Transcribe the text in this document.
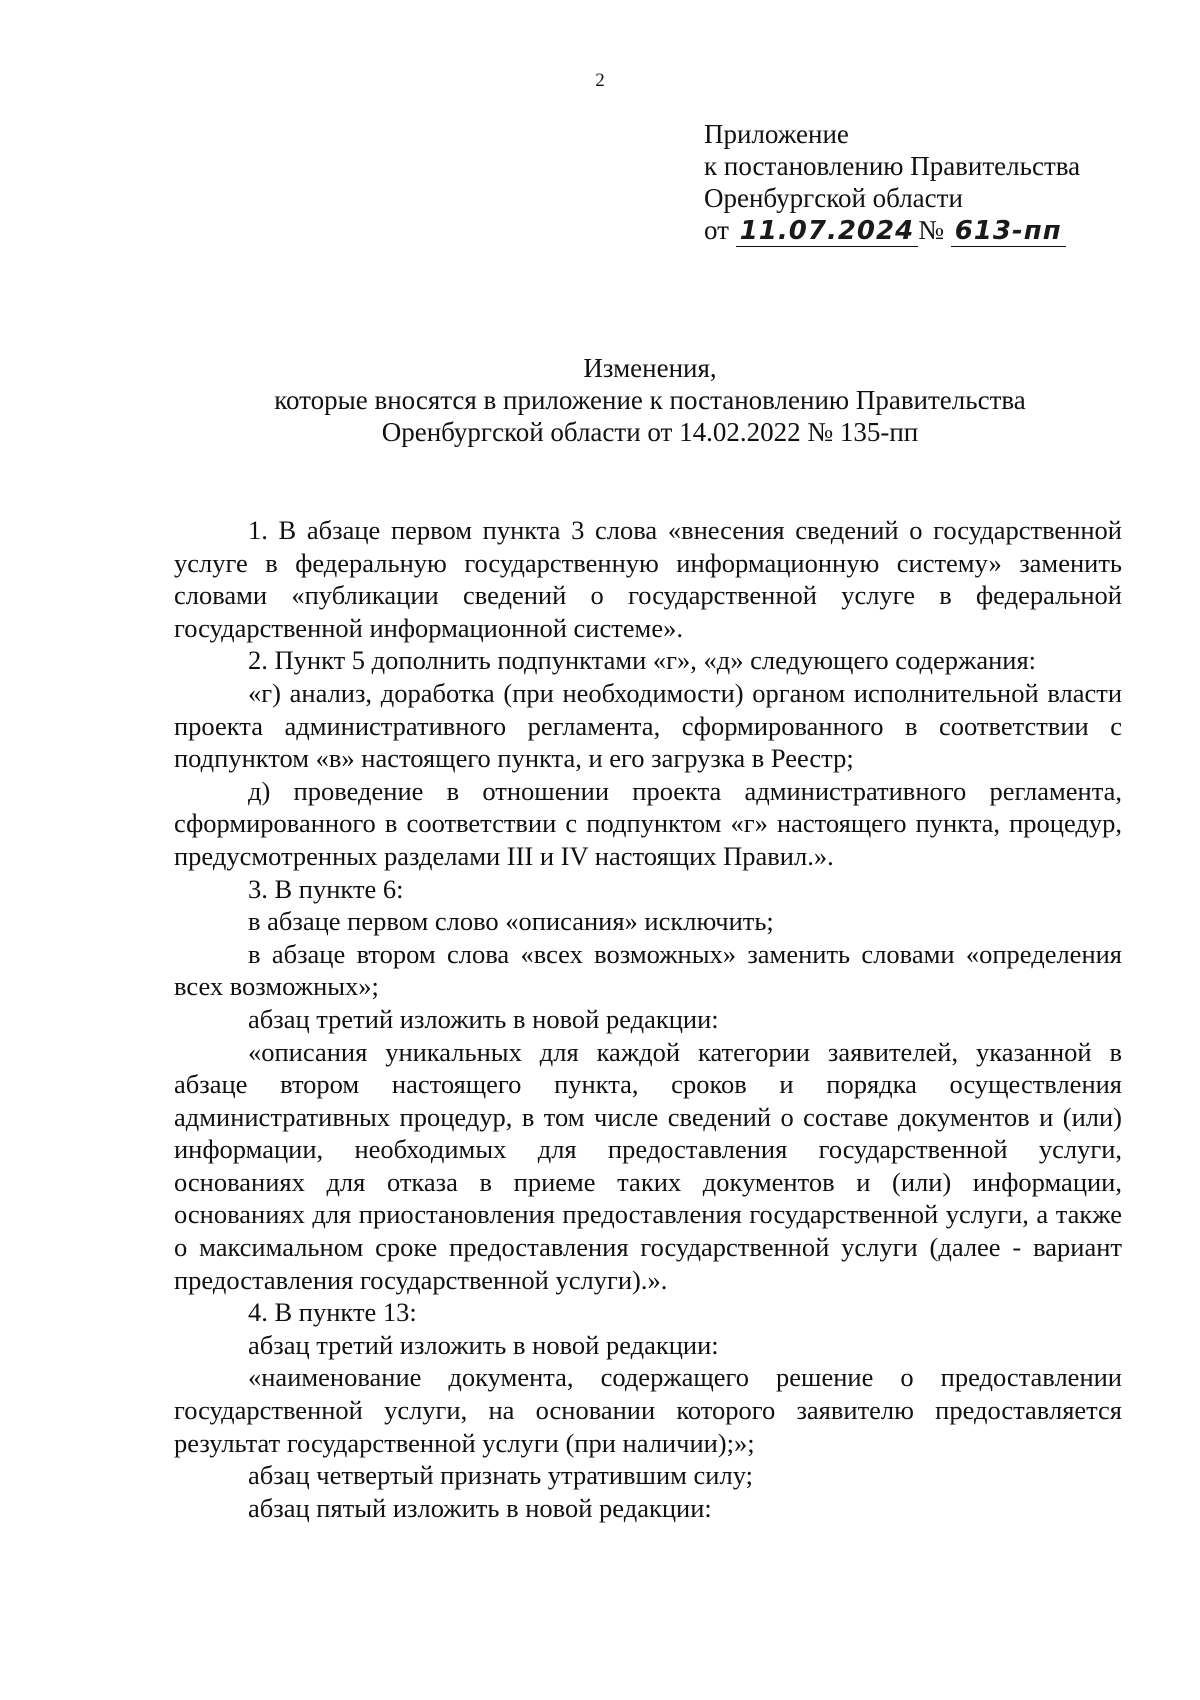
2
Приложение
к постановлению Правительства
Оренбургской области
от 11.07.2024 № 613-пп
Изменения,
которые вносятся в приложение к постановлению Правительства
Оренбургской области от 14.02.2022 № 135-пп

1. В абзаце первом пункта 3 слова «внесения сведений о государственной услуге в федеральную государственную информационную систему» заменить словами «публикации сведений о государственной услуге в федеральной государственной информационной системе».

2. Пункт 5 дополнить подпунктами «г», «д» следующего содержания:

«г) анализ, доработка (при необходимости) органом исполнительной власти проекта административного регламента, сформированного в соответствии с подпунктом «в» настоящего пункта, и его загрузка в Реестр;

д) проведение в отношении проекта административного регламента, сформированного в соответствии с подпунктом «г» настоящего пункта, процедур, предусмотренных разделами III и IV настоящих Правил.».

3. В пункте 6:

в абзаце первом слово «описания» исключить;

в абзаце втором слова «всех возможных» заменить словами «определения всех возможных»;

абзац третий изложить в новой редакции:

«описания уникальных для каждой категории заявителей, указанной в абзаце втором настоящего пункта, сроков и порядка осуществления административных процедур, в том числе сведений о составе документов и (или) информации, необходимых для предоставления государственной услуги, основаниях для отказа в приеме таких документов и (или) информации, основаниях для приостановления предоставления государственной услуги, а также о максимальном сроке предоставления государственной услуги (далее - вариант предоставления государственной услуги).».

4. В пункте 13:

абзац третий изложить в новой редакции:

«наименование документа, содержащего решение о предоставлении государственной услуги, на основании которого заявителю предоставляется результат государственной услуги (при наличии);»;

абзац четвертый признать утратившим силу;

абзац пятый изложить в новой редакции:
